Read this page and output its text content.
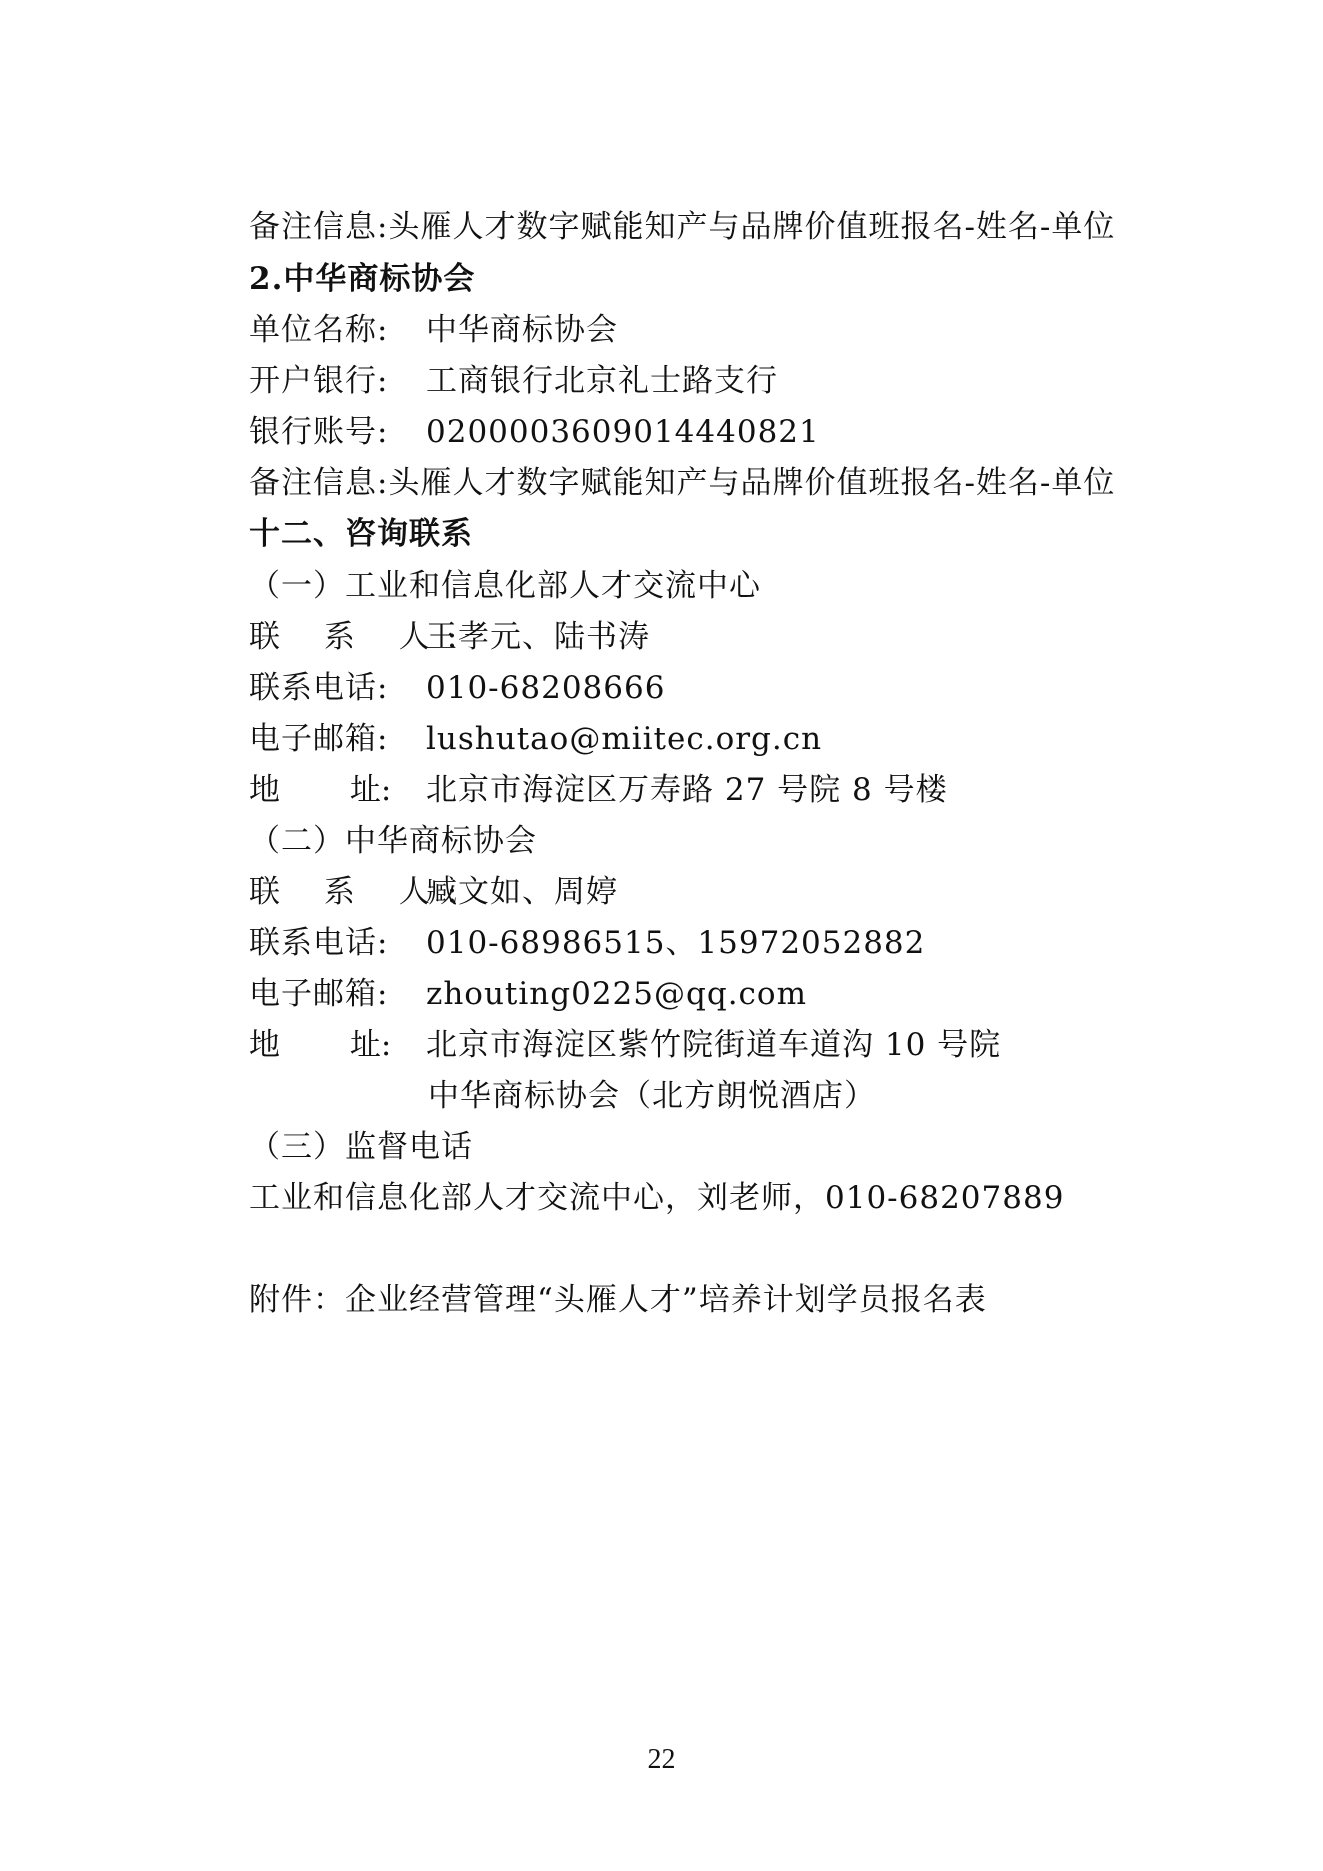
备注信息:头雁人才数字赋能知产与品牌价值班报名-姓名-单位
2.中华商标协会
单位名称: 中华商标协会
开户银行: 工商银行北京礼士路支行
银行账号: 0200003609014440821
备注信息:头雁人才数字赋能知产与品牌价值班报名-姓名-单位
十二、咨询联系
（一）工业和信息化部人才交流中心
联 系 人:王孝元、陆书涛
联系电话: 010-68208666
电子邮箱: lushutao@miitec.org.cn
地 址: 北京市海淀区万寿路 27 号院 8 号楼
（二）中华商标协会
联 系 人:臧文如、周婷
联系电话: 010-68986515、15972052882
电子邮箱: zhouting0225@qq.com
地 址: 北京市海淀区紫竹院街道车道沟 10 号院
中华商标协会（北方朗悦酒店）
（三）监督电话
工业和信息化部人才交流中心，刘老师，010-68207889
附件：企业经营管理“头雁人才”培养计划学员报名表
22
